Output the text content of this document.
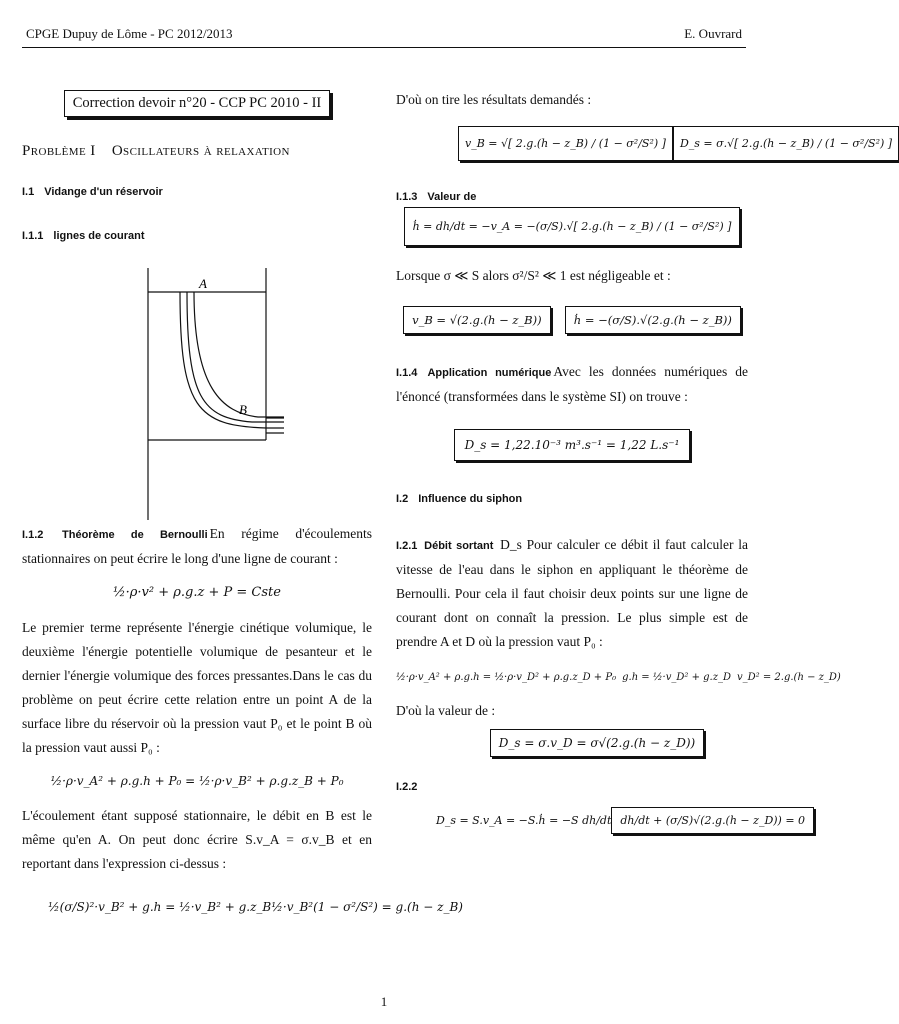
CPGE Dupuy de Lôme - PC 2012/2013	E. Ouvrard
Correction devoir n°20 - CCP PC 2010 - II
Problème I Oscillateurs à relaxation
I.1 Vidange d'un réservoir
I.1.1 lignes de courant
A
B
I.1.2 Théorème de Bernoulli En régime d'écoulements stationnaires on peut écrire le long d'une ligne de courant :
½·ρ·v² + ρ.g.z + P = Cste
Le premier terme représente l'énergie cinétique volumique, le deuxième l'énergie potentielle volumique de pesanteur et le dernier l'énergie volumique des forces pressantes.Dans le cas du problème on peut écrire cette relation entre un point A de la surface libre du réservoir où la pression vaut P₀ et le point B où la pression vaut aussi P₀ :
½·ρ·v_A² + ρ.g.h + P₀ = ½·ρ·v_B² + ρ.g.z_B + P₀
L'écoulement étant supposé stationnaire, le débit en B est le même qu'en A. On peut donc écrire S.v_A = σ.v_B et en reportant dans l'expression ci-dessus :
½(σ/S)²·v_B² + g.h = ½·v_B² + g.z_B ½·v_B²(1 − σ²/S²) = g.(h − z_B)
D'où on tire les résultats demandés :
v_B = √[ 2.g.(h − z_B) / (1 − σ²/S²) ]	D_s = σ.√[ 2.g.(h − z_B) / (1 − σ²/S²) ]
I.1.3 Valeur de
ḣ = dh/dt = −v_A = −(σ/S).√[ 2.g.(h − z_B) / (1 − σ²/S²) ]
Lorsque σ ≪ S alors σ²/S² ≪ 1 est négligeable et :
v_B = √(2.g.(h − z_B))	ḣ = −(σ/S).√(2.g.(h − z_B))
I.1.4 Application numérique Avec les données numériques de l'énoncé (transformées dans le système SI) on trouve :
D_s = 1,22.10⁻³ m³.s⁻¹ = 1,22 L.s⁻¹
I.2 Influence du siphon
I.2.1 Débit sortant D_s Pour calculer ce débit il faut calculer la vitesse de l'eau dans le siphon en appliquant le théorème de Bernoulli. Pour cela il faut choisir deux points sur une ligne de courant dont on connaît la pression. Le plus simple est de prendre A et D où la pression vaut P₀ :
½·ρ·v_A² + ρ.g.h = ½·ρ·v_D² + ρ.g.z_D + P₀ g.h = ½·v_D² + g.z_D v_D² = 2.g.(h − z_D)
D'où la valeur de :
D_s = σ.v_D = σ√(2.g.(h − z_D))
I.2.2
D_s = S.v_A = −S.ḣ = −S dh/dt dh/dt + (σ/S)√(2.g.(h − z_D)) = 0
1
